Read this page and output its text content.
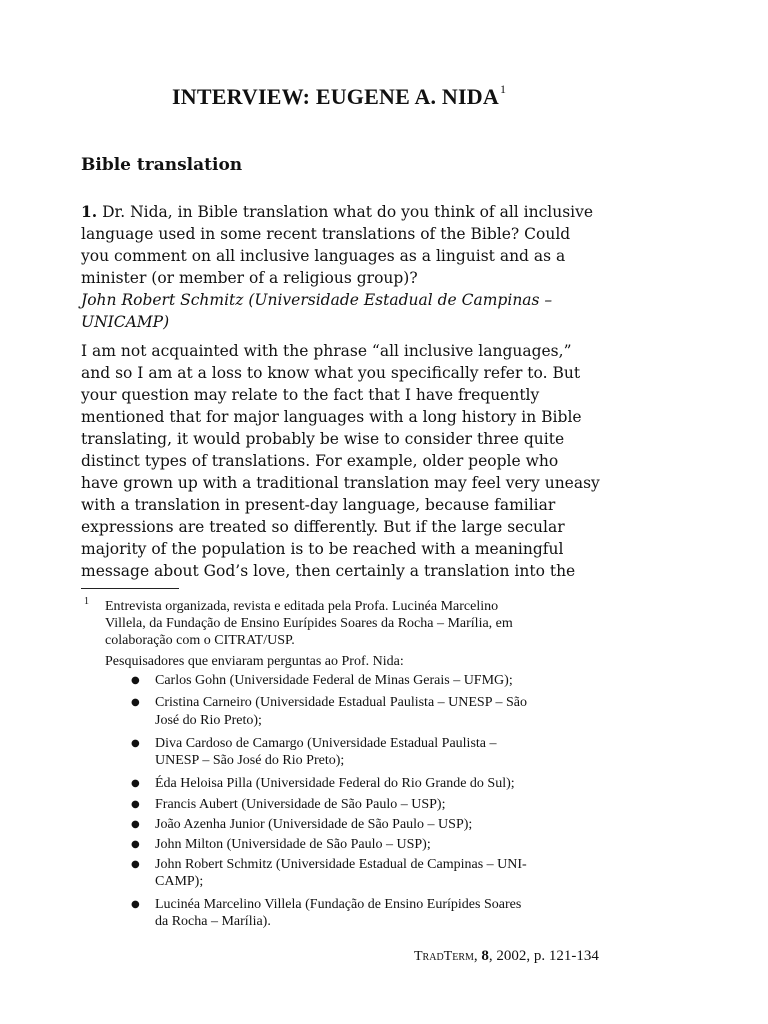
INTERVIEW: EUGENE A. NIDA$^1$
Bible translation
1. Dr. Nida, in Bible translation what do you think of all inclusive
language used in some recent translations of the Bible? Could
you comment on all inclusive languages as a linguist and as a
minister (or member of a religious group)?
John Robert Schmitz (Universidade Estadual de Campinas –
UNICAMP)
I am not acquainted with the phrase “all inclusive languages,”
and so I am at a loss to know what you specifically refer to. But
your question may relate to the fact that I have frequently
mentioned that for major languages with a long history in Bible
translating, it would probably be wise to consider three quite
distinct types of translations. For example, older people who
have grown up with a traditional translation may feel very uneasy
with a translation in present-day language, because familiar
expressions are treated so differently. But if the large secular
majority of the population is to be reached with a meaningful
message about God’s love, then certainly a translation into the
1 Entrevista organizada, revista e editada pela Profa. Lucinéa Marcelino
Villela, da Fundação de Ensino Eurípides Soares da Rocha – Marília, em
colaboração com o CITRAT/USP.
Pesquisadores que enviaram perguntas ao Prof. Nida:
● Carlos Gohn (Universidade Federal de Minas Gerais – UFMG);
● Cristina Carneiro (Universidade Estadual Paulista – UNESP – São
José do Rio Preto);
● Diva Cardoso de Camargo (Universidade Estadual Paulista –
UNESP – São José do Rio Preto);
● Éda Heloisa Pilla (Universidade Federal do Rio Grande do Sul);
● Francis Aubert (Universidade de São Paulo – USP);
● João Azenha Junior (Universidade de São Paulo – USP);
● John Milton (Universidade de São Paulo – USP);
● John Robert Schmitz (Universidade Estadual de Campinas – UNI-
CAMP);
● Lucinéa Marcelino Villela (Fundação de Ensino Eurípides Soares
da Rocha – Marília).
TradTerm, 8, 2002, p. 121-134
